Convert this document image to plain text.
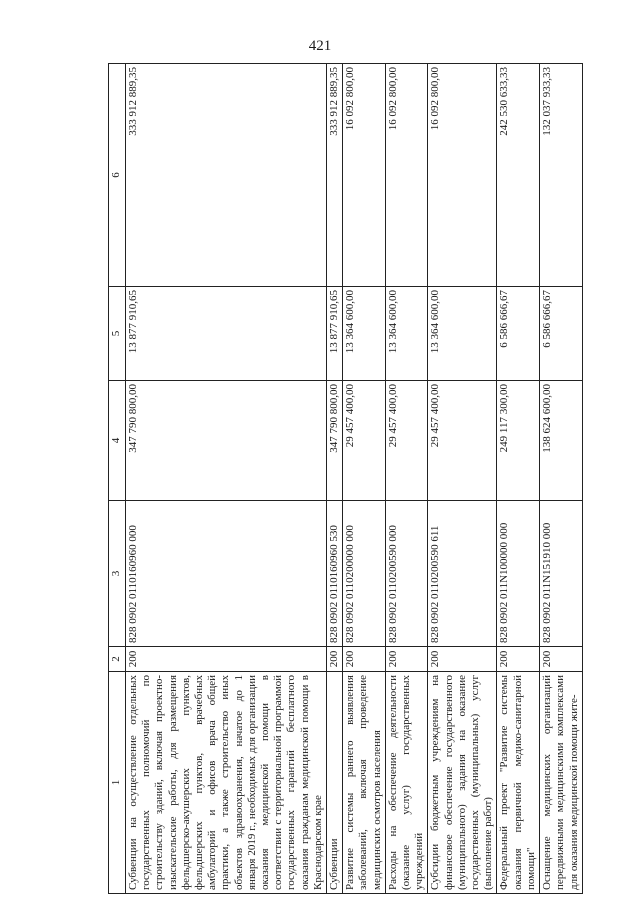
421
1	2	3	4	5	6
Субвенции на осуществление отдельных государственных полномочий по строительству зданий, включая проектно-изыскательские работы, для размещения фельдшерско-акушерских пунктов, фельдшерских пунктов, врачебных амбулаторий и офисов врача общей практики, а также строительство иных объектов здравоохранения, начатое до 1 января 2019 г., необходимых для организации оказания медицинской помощи в соответствии с территориальной программой государственных гарантий бесплатного оказания гражданам медицинской помощи в Краснодарском крае	200	828 0902 0110160960 000	347 790 800,00	13 877 910,65	333 912 889,35
Субвенции	200	828 0902 0110160960 530	347 790 800,00	13 877 910,65	333 912 889,35
Развитие системы раннего выявления заболеваний, включая проведение медицинских осмотров населения	200	828 0902 0110200000 000	29 457 400,00	13 364 600,00	16 092 800,00
Расходы на обеспечение деятельности (оказание услуг) государственных учреждений	200	828 0902 0110200590 000	29 457 400,00	13 364 600,00	16 092 800,00
Субсидии бюджетным учреждениям на финансовое обеспечение государственного (муниципального) задания на оказание государственных (муниципальных) услуг (выполнение работ)	200	828 0902 0110200590 611	29 457 400,00	13 364 600,00	16 092 800,00
Федеральный проект "Развитие системы оказания первичной медико-санитарной помощи"	200	828 0902 011N100000 000	249 117 300,00	6 586 666,67	242 530 633,33
Оснащение медицинских организаций передвижными медицинскими комплексами для оказания медицинской помощи жите-	200	828 0902 011N151910 000	138 624 600,00	6 586 666,67	132 037 933,33
